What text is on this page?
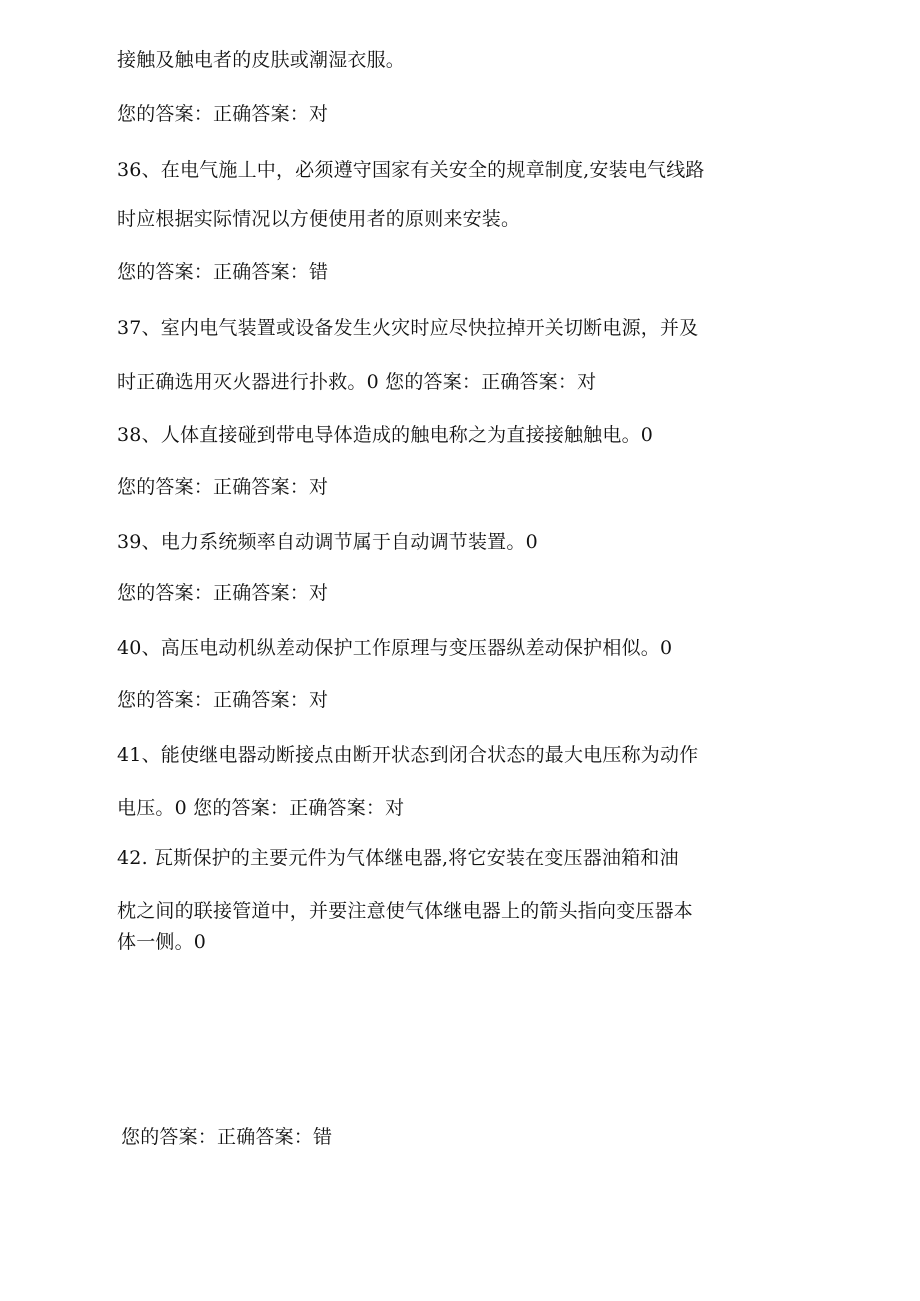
接触及触电者的皮肤或潮湿衣服。
您的答案：正确答案：对
36、在电气施丄中，必须遵守国家有关安全的规章制度,安装电气线路
时应根据实际情况以方便使用者的原则来安装。
您的答案：正确答案：错
37、室内电气装置或设备发生火灾时应尽快拉掉开关切断电源，并及
时正确选用灭火器进行扑救。0 您的答案：正确答案：对
38、人体直接碰到带电导体造成的触电称之为直接接触触电。0
您的答案：正确答案：对
39、电力系统频率自动调节属于自动调节装置。0
您的答案：正确答案：对
40、高压电动机纵差动保护工作原理与变压器纵差动保护相似。0
您的答案：正确答案：对
41、能使继电器动断接点由断开状态到闭合状态的最大电压称为动作
电压。0 您的答案：正确答案：对
42. 瓦斯保护的主要元件为气体继电器,将它安装在变压器油箱和油
枕之间的联接管道中，并要注意使气体继电器上的箭头指向变压器本
体一侧。0
您的答案：正确答案：错
